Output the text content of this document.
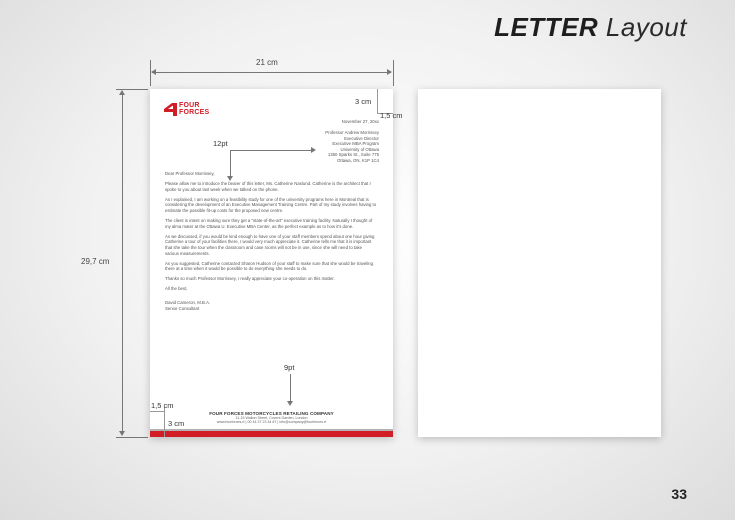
LETTER Layout
21 cm
29,7 cm
FOUR
FORCES
November 27, 20xx
Professor Andrew Morrissey
Executive Director
Executive MBA Program
University of Ottawa
1350 Sparks St., Suite 775
Ottawa, ON, K1P 1C4
Dear Professor Morrissey,
Please allow me to introduce the bearer of this letter, Ms. Catherine Naslund. Catherine is the architect that I spoke to you about last week when we talked on the phone.
As I explained, I am working on a feasibility study for one of the university programs here in Montreal that is considering the development of an Executive Management Training Centre. Part of my study involves having to estimate the possible fit-up costs for the proposed new centre.
The client is intent on making sure they get a "state-of-the-art" executive training facility. Naturally I thought of my alma mater at the Ottawa U. Executive MBA Center, as the perfect example as to how it's done.
As we discussed, if you would be kind enough to have one of your staff members spend about one hour giving Catherine a tour of your facilities there, I would very much appreciate it. Catherine tells me that it is important that she take the tour when the classroom and case rooms will not be in use, since she will need to take various measurements.
As you suggested, Catherine contacted Sharon Hudson of your staff to make sure that she would be traveling there at a time when it would be possible to do everything she needs to do.
Thanks so much Professor Morrissey, I really appreciate your co-operation on this matter.
All the best,
David Cameron, M.B.A.
Senior Consultant
FOUR FORCES MOTORCYCLES RETAILING COMPANY
11-15 Walton Street, Covent Garden, London
www.fourforces.rt | 00 44 37 23 44 87 | info@company@fourforces.rt
3 cm
1,5 cm
12pt
9pt
1,5 cm
3 cm
33
